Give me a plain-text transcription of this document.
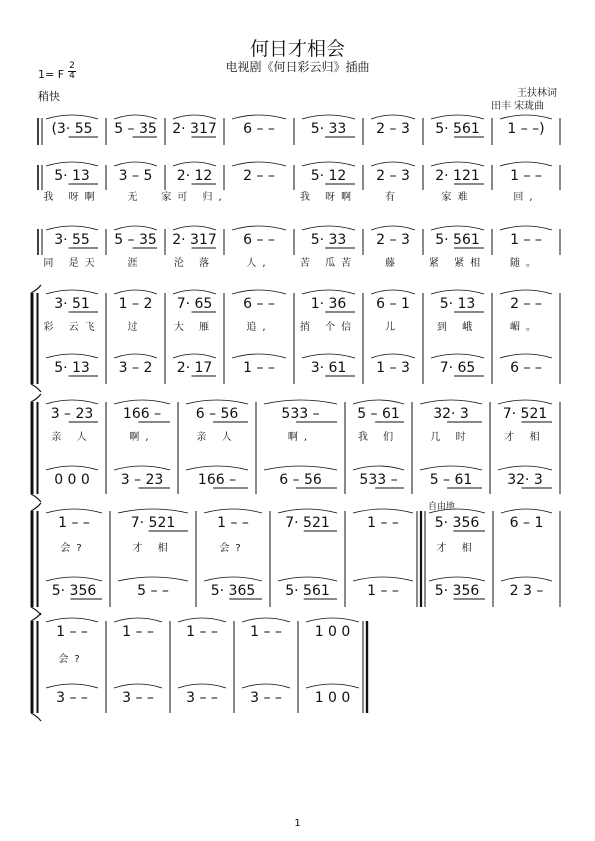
何日才相会
电视剧《何日彩云归》插曲
1= F
2
4
稍快	王扶林词
田丰 宋珑曲
1
(3· 55 5 – 35 2· 317 6 – –	5· 33 2 – 3 5· 561 1 – –)
5· 13 3 – 5 2· 12 2 – –	5· 12 2 – 3 2· 121 1 – –
我 呀啊	无 家可 归,	我 呀啊	有	家难	回,
3· 55 5 – 35 2· 317 6 – –	5· 33 2 – 3 5· 561 1 – –
同 是天	涯	沦 落	人,	苦 瓜苦	藤	紧 紧相 随。
3· 51 1 – 2 7· 65 6 – –	1· 36 6 – 1 5· 13 2 – –
彩 云飞	过	大 雁	追,	捎 个信	儿	到 峨	嵋。
5· 13 3 – 2 2· 17 1 – –	3· 61 1 – 3 7· 65 6 – –
3 – 23 166 – 6 – 56	533 –	5 – 61 32· 3 7· 521
亲 人	啊,	亲 人	啊,	我 们	几 时	才 相
0 0 0 3 – 23 166 –	6 – 56	533 – 5 – 61 32· 3
1 – –	7· 521	1 – –	7· 521	1 – –	5· 356 6 – 1
会?	才 相	会?	才 相
5· 356	5 – –	5· 365 5· 561	1 – –	5· 356 2 3 –
自由地
1 – – 1 – – 1 – – 1 – – 1 0 0
会?
3 – – 3 – – 3 – – 3 – – 1 0 0
